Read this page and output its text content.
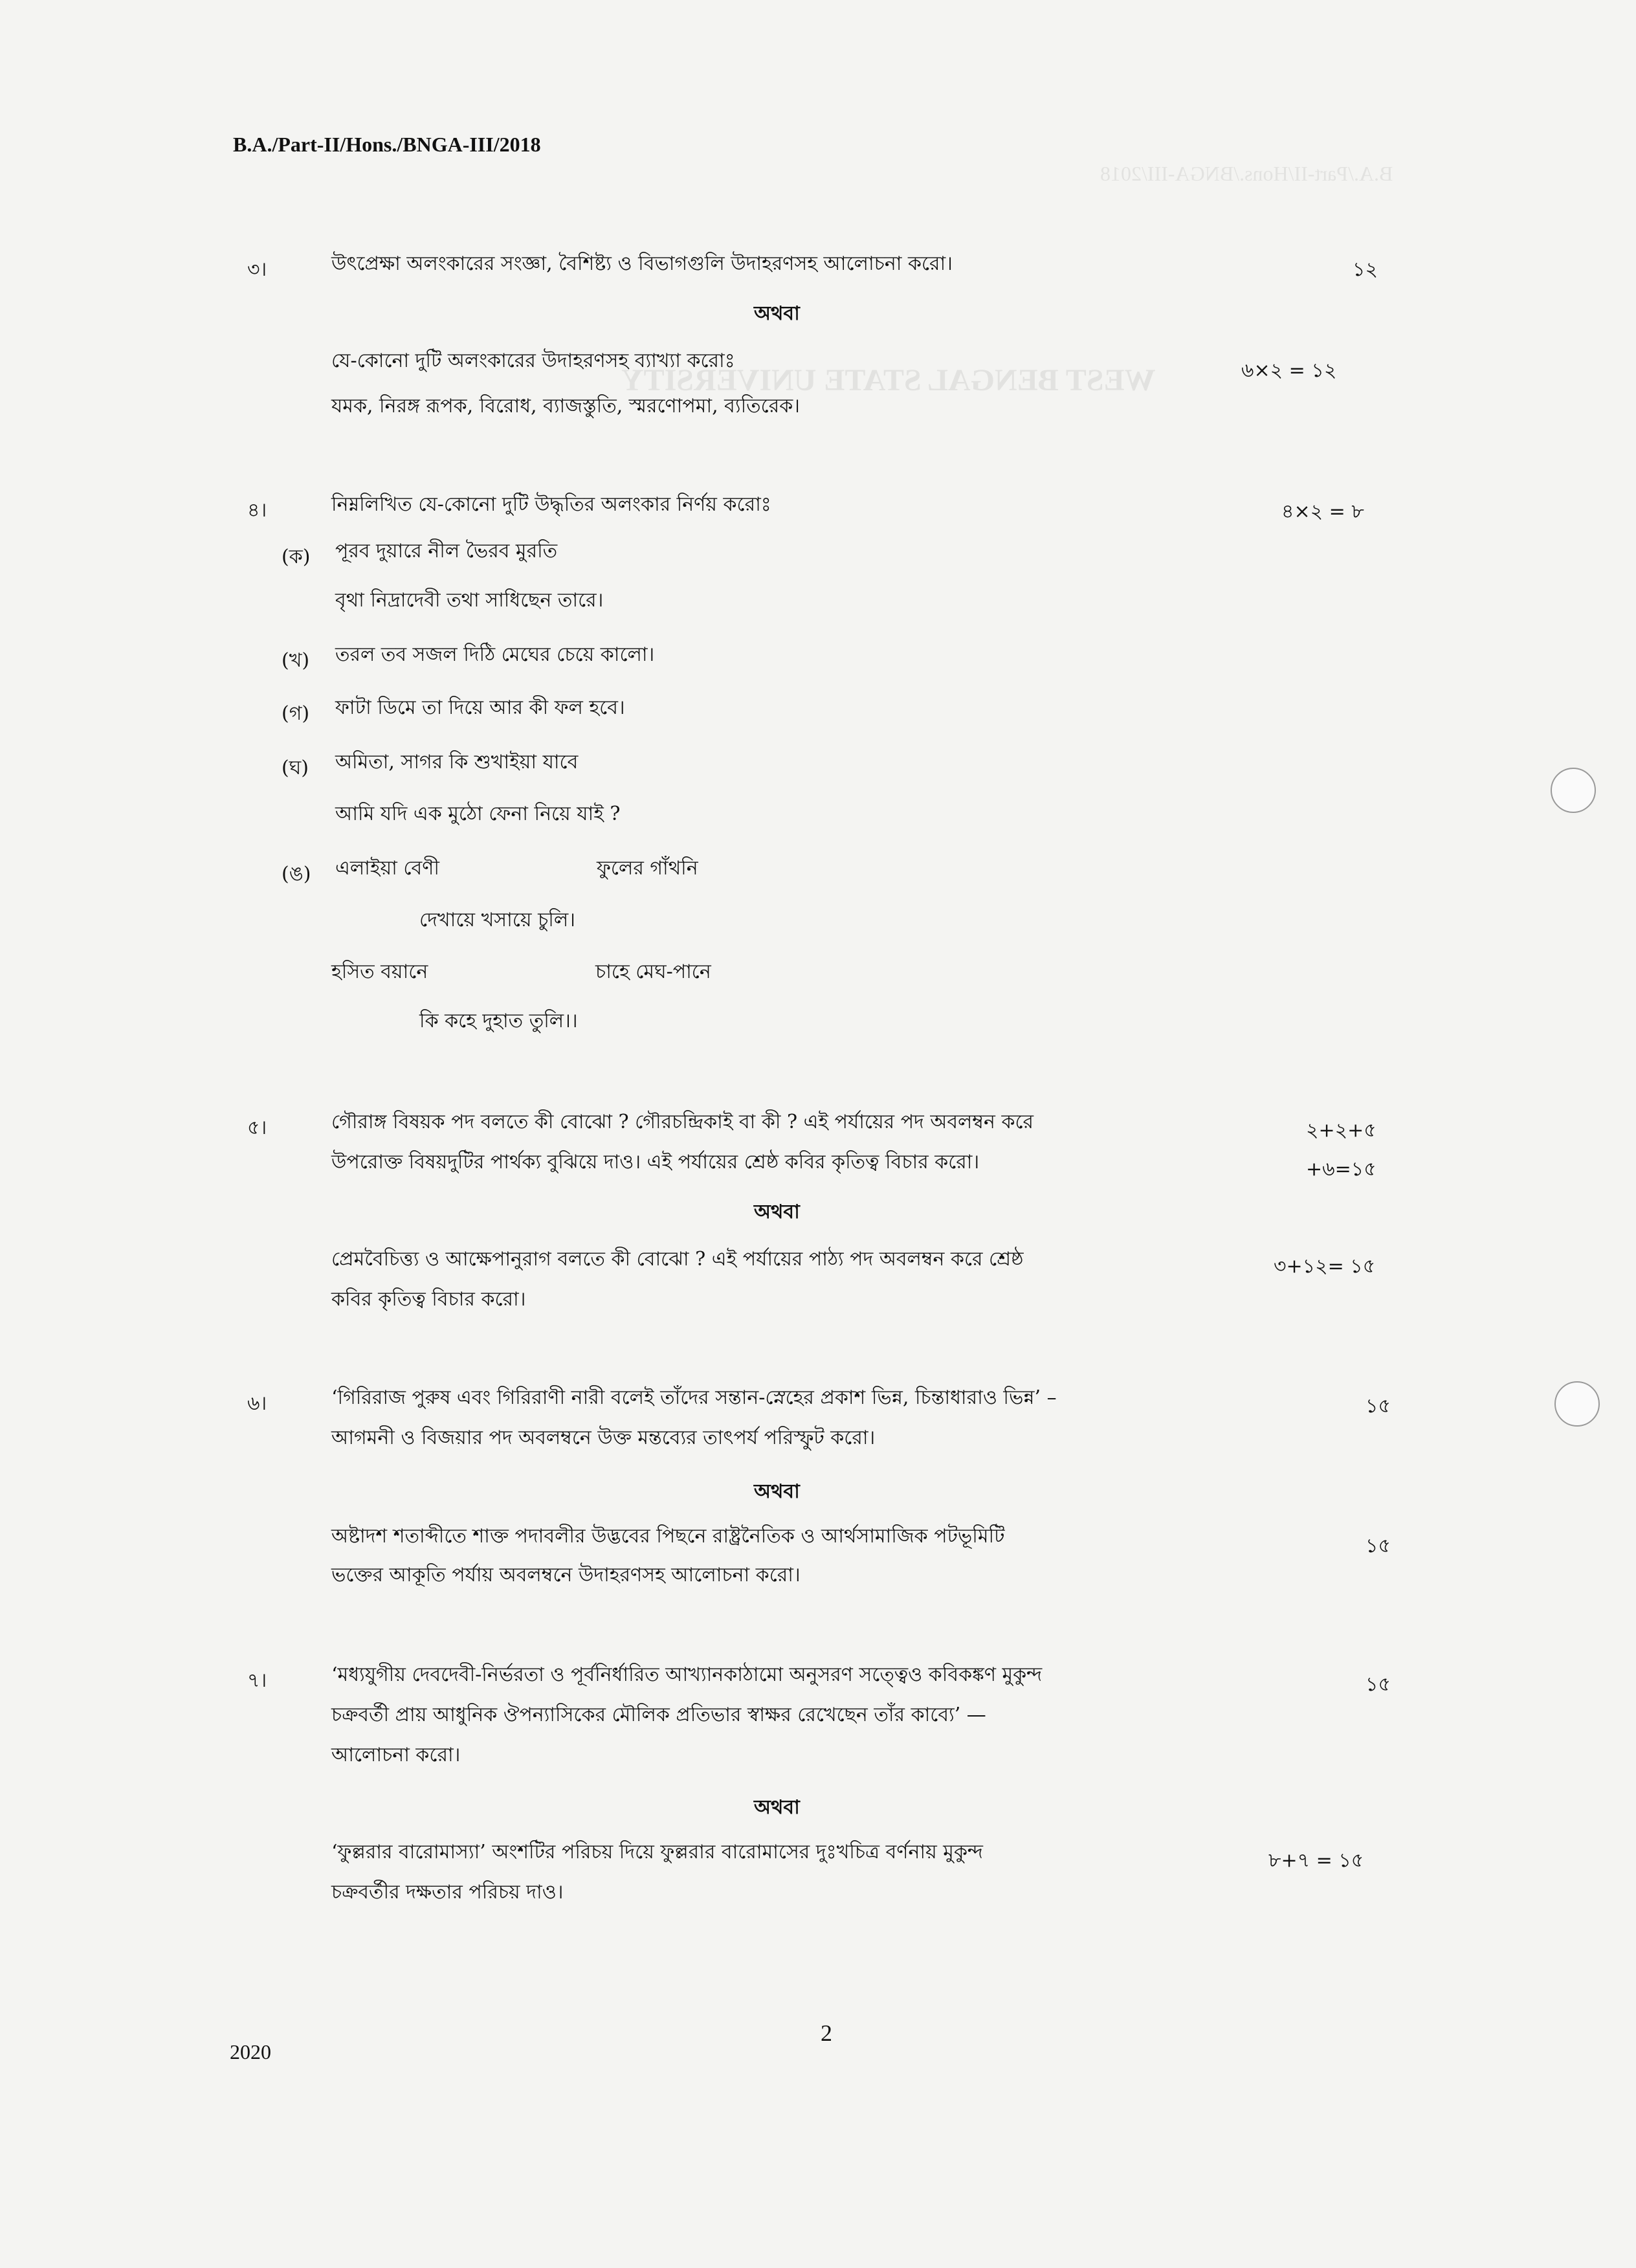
B.A./Part-II/Hons./BNGA-III/2018
WEST BENGAL STATE UNIVERSITY
B.A./Part-II/Hons./BNGA-III/2018
৩।	উৎপ্রেক্ষা অলংকারের সংজ্ঞা, বৈশিষ্ট্য ও বিভাগগুলি উদাহরণসহ আলোচনা করো।	১২
অথবা
যে-কোনো দুটি অলংকারের উদাহরণসহ ব্যাখ্যা করোঃ	৬×২ = ১২
যমক, নিরঙ্গ রূপক, বিরোধ, ব্যাজস্তুতি, স্মরণোপমা, ব্যতিরেক।
৪।	নিম্নলিখিত যে-কোনো দুটি উদ্ধৃতির অলংকার নির্ণয় করোঃ	৪×২ = ৮
(ক) পূরব দুয়ারে নীল ভৈরব মুরতি
বৃথা নিদ্রাদেবী তথা সাধিছেন তারে।
(খ) তরল তব সজল দিঠি মেঘের চেয়ে কালো।
(গ) ফাটা ডিমে তা দিয়ে আর কী ফল হবে।
(ঘ) অমিতা, সাগর কি শুখাইয়া যাবে
আমি যদি এক মুঠো ফেনা নিয়ে যাই ?
(ঙ) এলাইয়া বেণী	ফুলের গাঁথনি
দেখায়ে খসায়ে চুলি।
হসিত বয়ানে	চাহে মেঘ-পানে
কি কহে দুহাত তুলি।।
৫।	গৌরাঙ্গ বিষয়ক পদ বলতে কী বোঝো ? গৌরচন্দ্রিকাই বা কী ? এই পর্যায়ের পদ অবলম্বন করে	২+২+৫
উপরোক্ত বিষয়দুটির পার্থক্য বুঝিয়ে দাও। এই পর্যায়ের শ্রেষ্ঠ কবির কৃতিত্ব বিচার করো।	+৬=১৫
অথবা
প্রেমবৈচিত্ত্য ও আক্ষেপানুরাগ বলতে কী বোঝো ? এই পর্যায়ের পাঠ্য পদ অবলম্বন করে শ্রেষ্ঠ	৩+১২= ১৫
কবির কৃতিত্ব বিচার করো।
৬।	‘গিরিরাজ পুরুষ এবং গিরিরাণী নারী বলেই তাঁদের সন্তান-স্নেহের প্রকাশ ভিন্ন, চিন্তাধারাও ভিন্ন’ –	১৫
আগমনী ও বিজয়ার পদ অবলম্বনে উক্ত মন্তব্যের তাৎপর্য পরিস্ফুট করো।
অথবা
অষ্টাদশ শতাব্দীতে শাক্ত পদাবলীর উদ্ভবের পিছনে রাষ্ট্রনৈতিক ও আর্থসামাজিক পটভূমিটি	১৫
ভক্তের আকূতি পর্যায় অবলম্বনে উদাহরণসহ আলোচনা করো।
৭।	‘মধ্যযুগীয় দেবদেবী-নির্ভরতা ও পূর্বনির্ধারিত আখ্যানকাঠামো অনুসরণ সত্ত্বেও কবিকঙ্কণ মুকুন্দ	১৫
চক্রবর্তী প্রায় আধুনিক ঔপন্যাসিকের মৌলিক প্রতিভার স্বাক্ষর রেখেছেন তাঁর কাব্যে’ —
আলোচনা করো।
অথবা
‘ফুল্লরার বারোমাস্যা’ অংশটির পরিচয় দিয়ে ফুল্লরার বারোমাসের দুঃখচিত্র বর্ণনায় মুকুন্দ	৮+৭ = ১৫
চক্রবর্তীর দক্ষতার পরিচয় দাও।
2020
2
